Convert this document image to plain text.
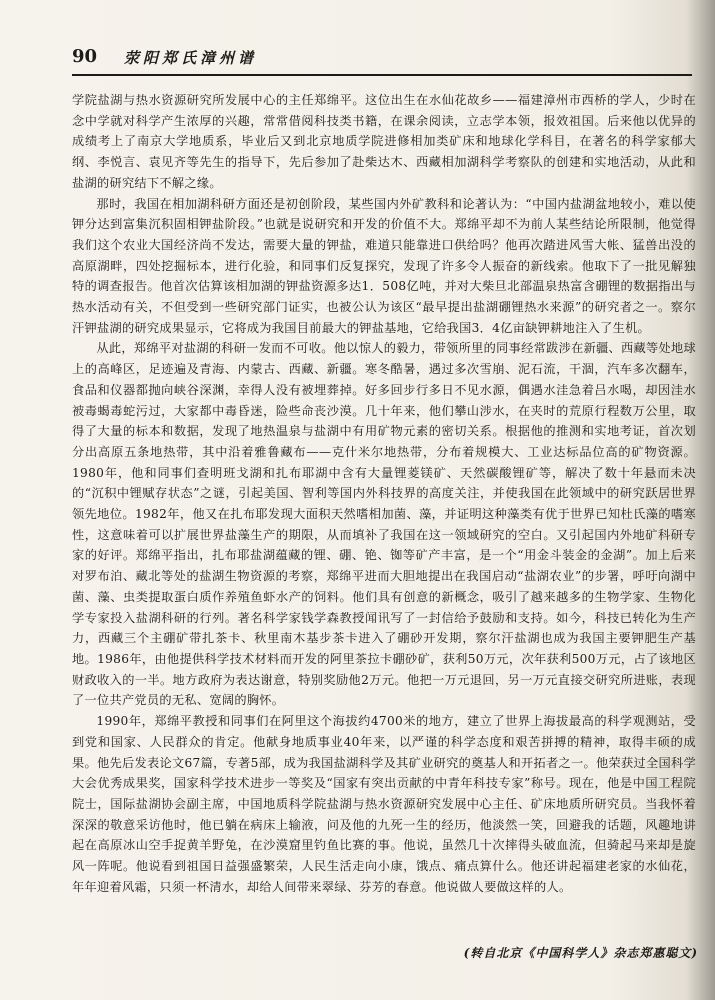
90 荥阳郑氏漳州谱

学院盐湖与热水资源研究所发展中心的主任郑绵平。这位出生在水仙花故乡——福建漳州市西桥的学人，少时在念中学就对科学产生浓厚的兴趣，常常借阅科技类书籍，在课余阅读，立志学本领，报效祖国。后来他以优异的成绩考上了南京大学地质系，毕业后又到北京地质学院进修相加类矿床和地球化学科目，在著名的科学家郁大纲、李悦言、袁见齐等先生的指导下，先后参加了赴柴达木、西藏相加湖科学考察队的创建和实地活动，从此和盐湖的研究结下不解之缘。

那时，我国在相加湖科研方面还是初创阶段，某些国内外矿教科和论著认为：“中国内盐湖盆地较小，难以使钾分达到富集沉积固相钾盐阶段。”也就是说研究和开发的价值不大。郑绵平却不为前人某些结论所限制，他觉得我们这个农业大国经济尚不发达，需要大量的钾盐，难道只能靠进口供给吗？他再次踏进风雪大帐、猛兽出没的高原湖畔，四处挖掘标本，进行化验，和同事们反复探究，发现了许多令人振奋的新线索。他取下了一批见解独特的调查报告。他首次估算该相加湖的钾盐资源多达1．508亿吨，并对大柴旦北部温泉热富含硼锂的数据指出与热水活动有关，不但受到一些研究部门证实，也被公认为该区“最早提出盐湖硼锂热水来源”的研究者之一。察尔汗钾盐湖的研究成果显示，它将成为我国目前最大的钾盐基地，它给我国3．4亿亩缺钾耕地注入了生机。

从此，郑绵平对盐湖的科研一发而不可收。他以惊人的毅力，带领所里的同事经常跋涉在新疆、西藏等处地球上的高峰区，足迹遍及青海、内蒙古、西藏、新疆。寒冬酷暑，遇过多次雪崩、泥石流，干涸，汽车多次翻车，食品和仪器都抛向峡谷深渊，幸得人没有被埋葬掉。好多回步行多日不见水源，偶遇水洼急着吕水喝，却因洼水被毒蝎毒蛇污过，大家都中毒昏迷，险些命丧沙漠。几十年来，他们攀山涉水，在夹时的荒原行程数万公里，取得了大量的标本和数据，发现了地热温泉与盐湖中有用矿物元素的密切关系。根据他的推测和实地考证，首次划分出高原五条地热带，其中沿着雅鲁藏布——克什米尔地热带，分布着规模大、工业达标品位高的矿物资源。1980年，他和同事们查明班戈湖和扎布耶湖中含有大量锂菱镁矿、天然碳酸锂矿等，解决了数十年悬而未决的“沉积中锂赋存状态”之谜，引起美国、智利等国内外科技界的高度关注，并使我国在此领域中的研究跃居世界领先地位。1982年，他又在扎布耶发现大面积天然嗜相加菌、藻，并证明这种藻类有优于世界已知杜氏藻的嗜寒性，这意味着可以扩展世界盐藻生产的期限，从而填补了我国在这一领域研究的空白。又引起国内外地矿科研专家的好评。郑绵平指出，扎布耶盐湖蕴藏的锂、硼、铯、铷等矿产丰富，是一个“用金斗装金的金湖”。加上后来对罗布泊、藏北等处的盐湖生物资源的考察，郑绵平进而大胆地提出在我国启动“盐湖农业”的步署，呼吁向湖中菌、藻、虫类提取蛋白质作养殖鱼虾水产的饲料。他们具有创意的新概念，吸引了越来越多的生物学家、生物化学专家投入盐湖科研的行列。著名科学家钱学森教授闻讯写了一封信给予鼓励和支持。如今，科技已转化为生产力，西藏三个主硼矿带扎茶卡、秋里南木基步茶卡进入了硼砂开发期，察尔汗盐湖也成为我国主要钾肥生产基地。1986年，由他提供科学技术材料而开发的阿里茶拉卡硼砂矿，获利50万元，次年获利500万元，占了该地区财政收入的一半。地方政府为表达谢意，特别奖励他2万元。他把一万元退回，另一万元直接交研究所进账，表现了一位共产党员的无私、宽阔的胸怀。

1990年，郑绵平教授和同事们在阿里这个海拔约4700米的地方，建立了世界上海拔最高的科学观测站，受到党和国家、人民群众的肯定。他献身地质事业40年来，以严谨的科学态度和艰苦拼搏的精神，取得丰硕的成果。他先后发表论文67篇，专著5部，成为我国盐湖科学及其矿业研究的奠基人和开拓者之一。他荣获过全国科学大会优秀成果奖，国家科学技术进步一等奖及“国家有突出贡献的中青年科技专家”称号。现在，他是中国工程院院士，国际盐湖协会副主席，中国地质科学院盐湖与热水资源研究发展中心主任、矿床地质所研究员。当我怀着深深的敬意采访他时，他已躺在病床上输液，问及他的九死一生的经历，他淡然一笑，回避我的话题，风趣地讲起在高原冰山空手捉黄羊野兔，在沙漠窟里钓鱼比赛的事。他说，虽然几十次摔得头破血流，但骑起马来却是旋风一阵呢。他说看到祖国日益强盛繁荣，人民生活走向小康，饿点、痛点算什么。他还讲起福建老家的水仙花，年年迎着风霜，只须一杯清水，却给人间带来翠绿、芬芳的春意。他说做人要做这样的人。

(转自北京《中国科学人》杂志郑惠聪文)
